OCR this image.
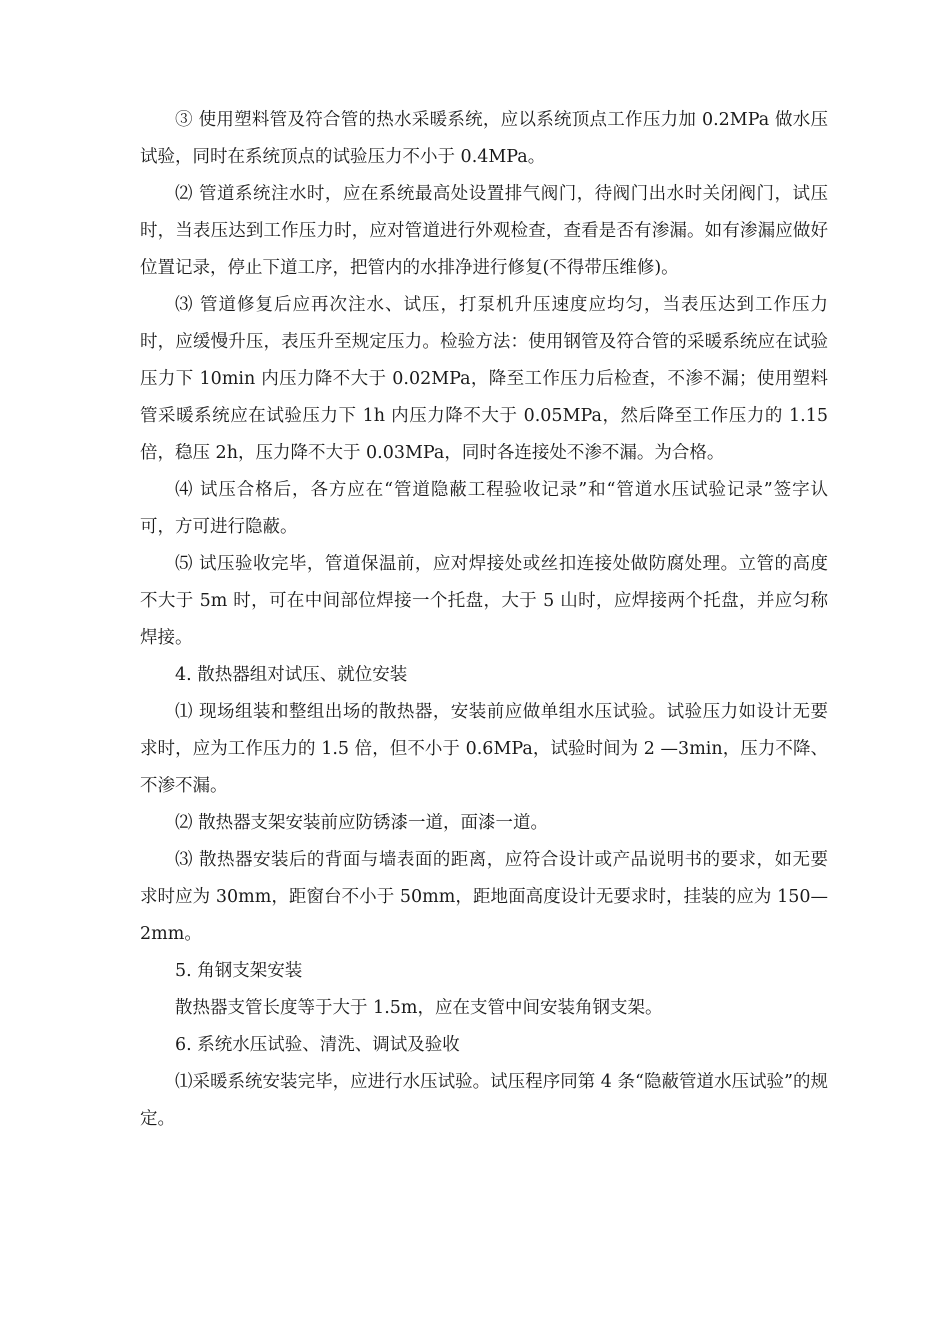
③ 使用塑料管及符合管的热水采暖系统，应以系统顶点工作压力加 0.2MPa 做水压试验，同时在系统顶点的试验压力不小于 0.4MPa。

⑵ 管道系统注水时，应在系统最高处设置排气阀门，待阀门出水时关闭阀门，试压时，当表压达到工作压力时，应对管道进行外观检查，查看是否有渗漏。如有渗漏应做好位置记录，停止下道工序，把管内的水排净进行修复(不得带压维修)。

⑶ 管道修复后应再次注水、试压，打泵机升压速度应均匀，当表压达到工作压力时，应缓慢升压，表压升至规定压力。检验方法：使用钢管及符合管的采暖系统应在试验压力下 10min 内压力降不大于 0.02MPa，降至工作压力后检查，不渗不漏；使用塑料管采暖系统应在试验压力下 1h 内压力降不大于 0.05MPa，然后降至工作压力的 1.15 倍，稳压 2h，压力降不大于 0.03MPa，同时各连接处不渗不漏。为合格。

⑷ 试压合格后，各方应在“管道隐蔽工程验收记录”和“管道水压试验记录”签字认可，方可进行隐蔽。

⑸ 试压验收完毕，管道保温前，应对焊接处或丝扣连接处做防腐处理。立管的高度不大于 5m 时，可在中间部位焊接一个托盘，大于 5 山时，应焊接两个托盘，并应匀称焊接。

4. 散热器组对试压、就位安装

⑴ 现场组装和整组出场的散热器，安装前应做单组水压试验。试验压力如设计无要求时，应为工作压力的 1.5 倍，但不小于 0.6MPa，试验时间为 2 —3min，压力不降、不渗不漏。

⑵ 散热器支架安装前应防锈漆一道，面漆一道。

⑶ 散热器安装后的背面与墙表面的距离，应符合设计或产品说明书的要求，如无要求时应为 30mm，距窗台不小于 50mm，距地面高度设计无要求时，挂装的应为 150—2mm。

5. 角钢支架安装

散热器支管长度等于大于 1.5m，应在支管中间安装角钢支架。

6. 系统水压试验、清洗、调试及验收

⑴采暖系统安装完毕，应进行水压试验。试压程序同第 4 条“隐蔽管道水压试验”的规定。
